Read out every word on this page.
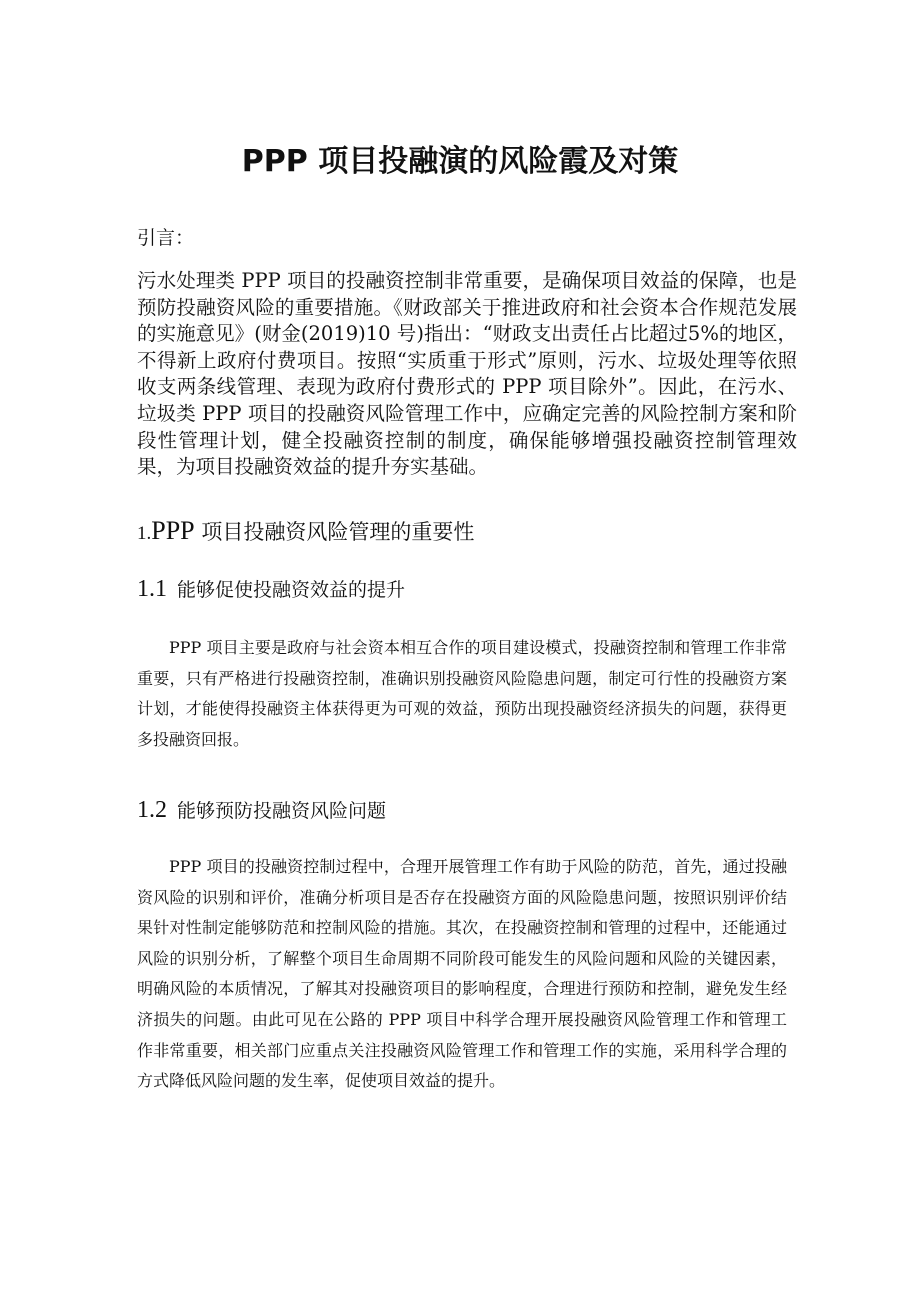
PPP 项目投融演的风险霞及对策
引言：
污水处理类 PPP 项目的投融资控制非常重要，是确保项目效益的保障，也是预防投融资风险的重要措施。《财政部关于推进政府和社会资本合作规范发展的实施意见》(财金(2019)10 号)指出：“财政支出责任占比超过5%的地区，不得新上政府付费项目。按照“实质重于形式”原则，污水、垃圾处理等依照收支两条线管理、表现为政府付费形式的 PPP 项目除外”。因此，在污水、垃圾类 PPP 项目的投融资风险管理工作中，应确定完善的风险控制方案和阶段性管理计划，健全投融资控制的制度，确保能够增强投融资控制管理效果，为项目投融资效益的提升夯实基础。
1.PPP 项目投融资风险管理的重要性
1.1 能够促使投融资效益的提升
PPP 项目主要是政府与社会资本相互合作的项目建设模式，投融资控制和管理工作非常重要，只有严格进行投融资控制，准确识别投融资风险隐患问题，制定可行性的投融资方案计划，才能使得投融资主体获得更为可观的效益，预防出现投融资经济损失的问题，获得更多投融资回报。
1.2 能够预防投融资风险问题
PPP 项目的投融资控制过程中，合理开展管理工作有助于风险的防范，首先，通过投融资风险的识别和评价，准确分析项目是否存在投融资方面的风险隐患问题，按照识别评价结果针对性制定能够防范和控制风险的措施。其次，在投融资控制和管理的过程中，还能通过风险的识别分析，了解整个项目生命周期不同阶段可能发生的风险问题和风险的关键因素，明确风险的本质情况，了解其对投融资项目的影响程度，合理进行预防和控制，避免发生经济损失的问题。由此可见在公路的 PPP 项目中科学合理开展投融资风险管理工作和管理工作非常重要，相关部门应重点关注投融资风险管理工作和管理工作的实施，采用科学合理的方式降低风险问题的发生率，促使项目效益的提升。
